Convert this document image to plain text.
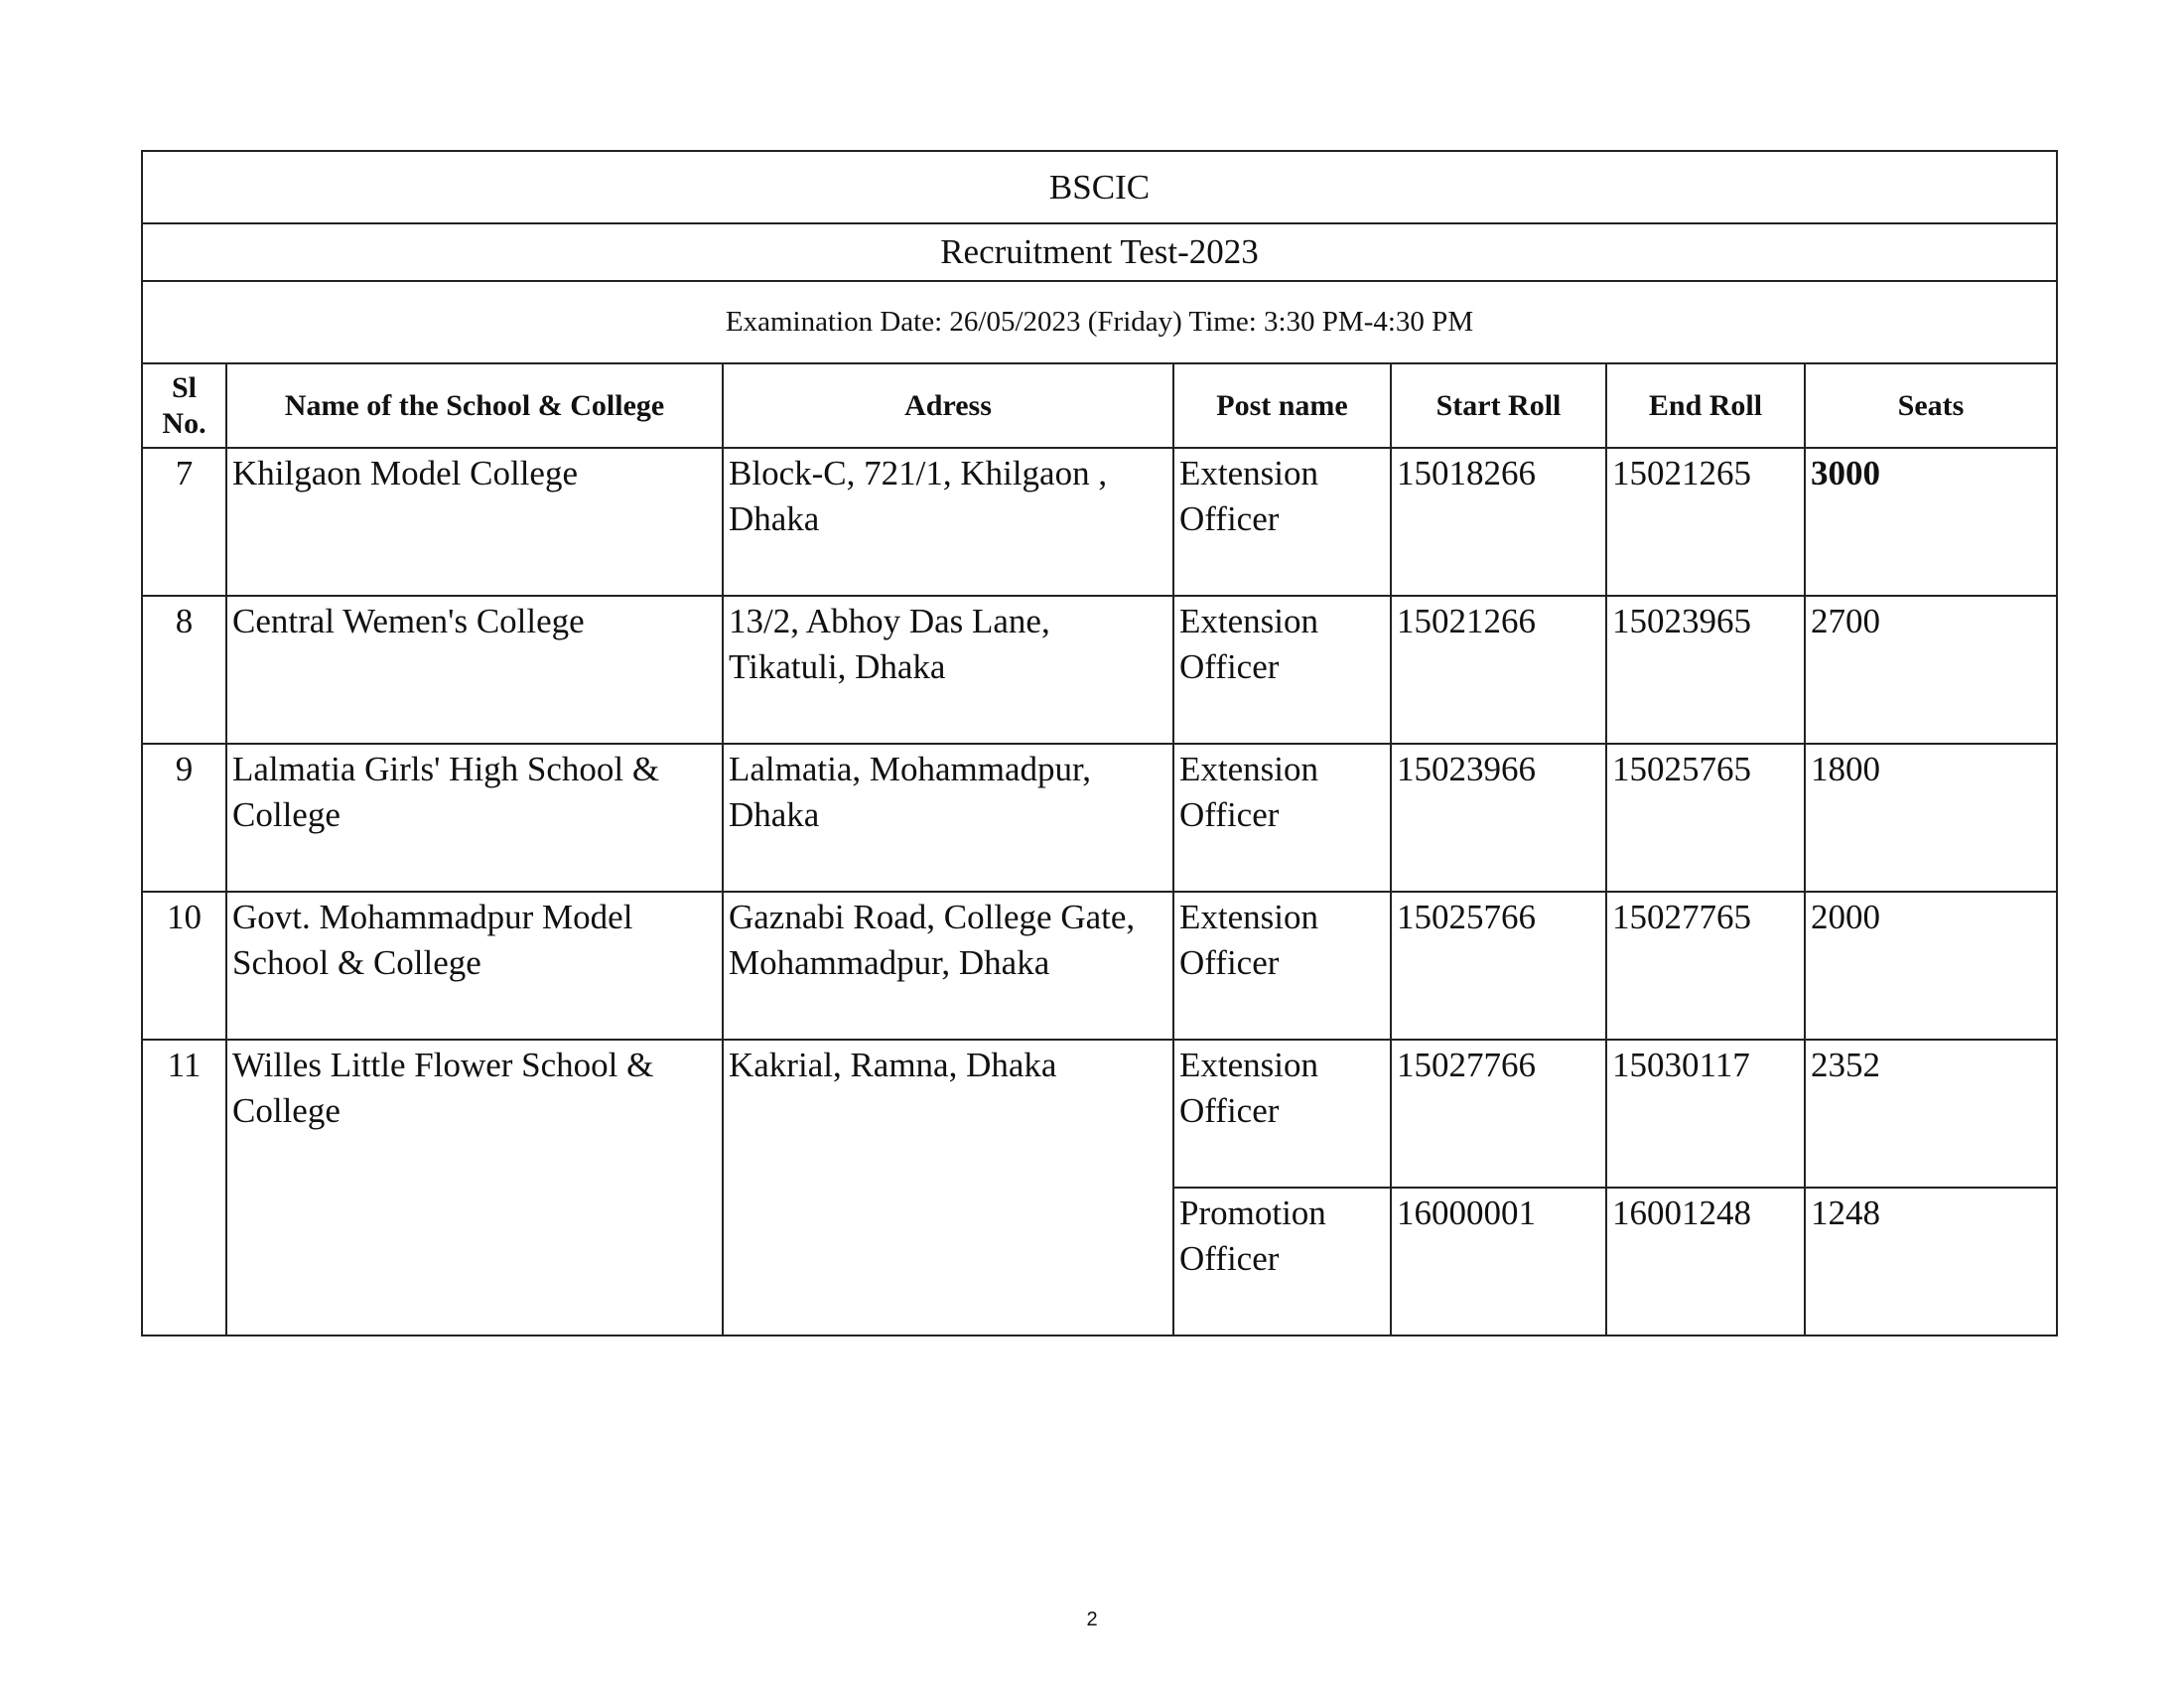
BSCIC						
Recruitment Test-2023						
Examination Date: 26/05/2023 (Friday) Time: 3:30 PM-4:30 PM						
Sl No.	Name of the School & College	Adress	Post name	Start Roll	End Roll	Seats
7	Khilgaon Model College	Block-C, 721/1, Khilgaon , Dhaka	Extension Officer	15018266	15021265	3000
8	Central Wemen's College	13/2, Abhoy Das Lane, Tikatuli, Dhaka	Extension Officer	15021266	15023965	2700
9	Lalmatia Girls' High School & College	Lalmatia, Mohammadpur, Dhaka	Extension Officer	15023966	15025765	1800
10	Govt. Mohammadpur Model School & College	Gaznabi Road, College Gate, Mohammadpur, Dhaka	Extension Officer	15025766	15027765	2000
11	Willes Little Flower School & College	Kakrial, Ramna, Dhaka	Extension Officer	15027766	15030117	2352
			Promotion Officer	16000001	16001248	1248
2
